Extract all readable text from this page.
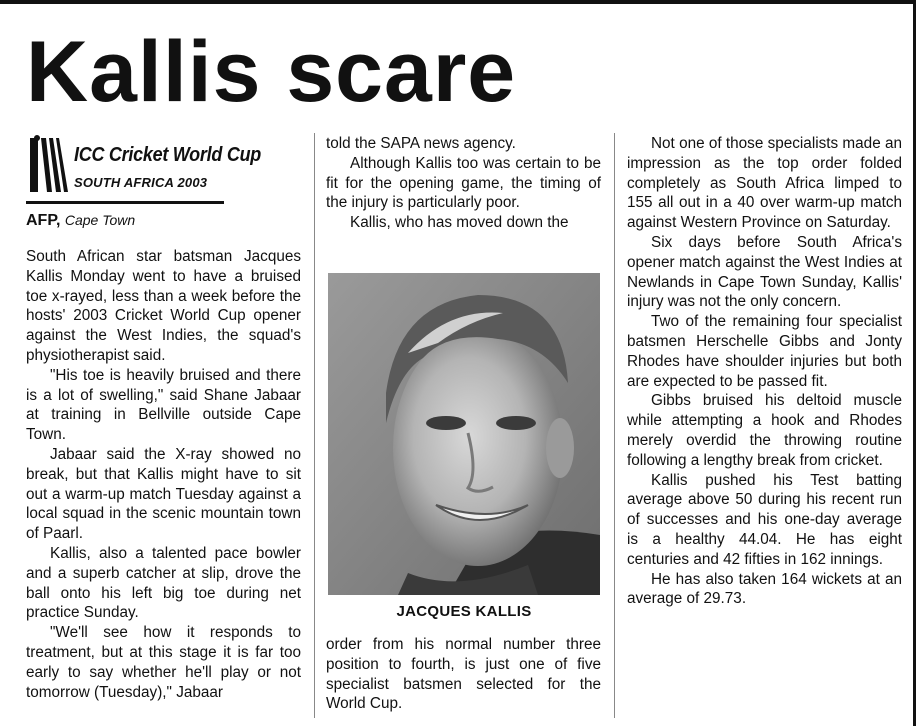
Kallis scare
ICC Cricket World Cup
SOUTH AFRICA 2003
AFP, Cape Town

South African star batsman Jacques Kallis Monday went to have a bruised toe x-rayed, less than a week before the hosts' 2003 Cricket World Cup opener against the West Indies, the squad's physiotherapist said.

"His toe is heavily bruised and there is a lot of swelling," said Shane Jabaar at training in Bellville outside Cape Town.

Jabaar said the X-ray showed no break, but that Kallis might have to sit out a warm-up match Tuesday against a local squad in the scenic mountain town of Paarl.

Kallis, also a talented pace bowler and a superb catcher at slip, drove the ball onto his left big toe during net practice Sunday.

"We'll see how it responds to treatment, but at this stage it is far too early to say whether he'll play or not tomorrow (Tuesday)," Jabaar

told the SAPA news agency.

Although Kallis too was certain to be fit for the opening game, the timing of the injury is particularly poor.

Kallis, who has moved down the

JACQUES KALLIS

order from his normal number three position to fourth, is just one of five specialist batsmen selected for the World Cup.

Not one of those specialists made an impression as the top order folded completely as South Africa limped to 155 all out in a 40 over warm-up match against Western Province on Saturday.

Six days before South Africa's opener match against the West Indies at Newlands in Cape Town Sunday, Kallis' injury was not the only concern.

Two of the remaining four specialist batsmen Herschelle Gibbs and Jonty Rhodes have shoulder injuries but both are expected to be passed fit.

Gibbs bruised his deltoid muscle while attempting a hook and Rhodes merely overdid the throwing routine following a lengthy break from cricket.

Kallis pushed his Test batting average above 50 during his recent run of successes and his one-day average is a healthy 44.04. He has eight centuries and 42 fifties in 162 innings.

He has also taken 164 wickets at an average of 29.73.
